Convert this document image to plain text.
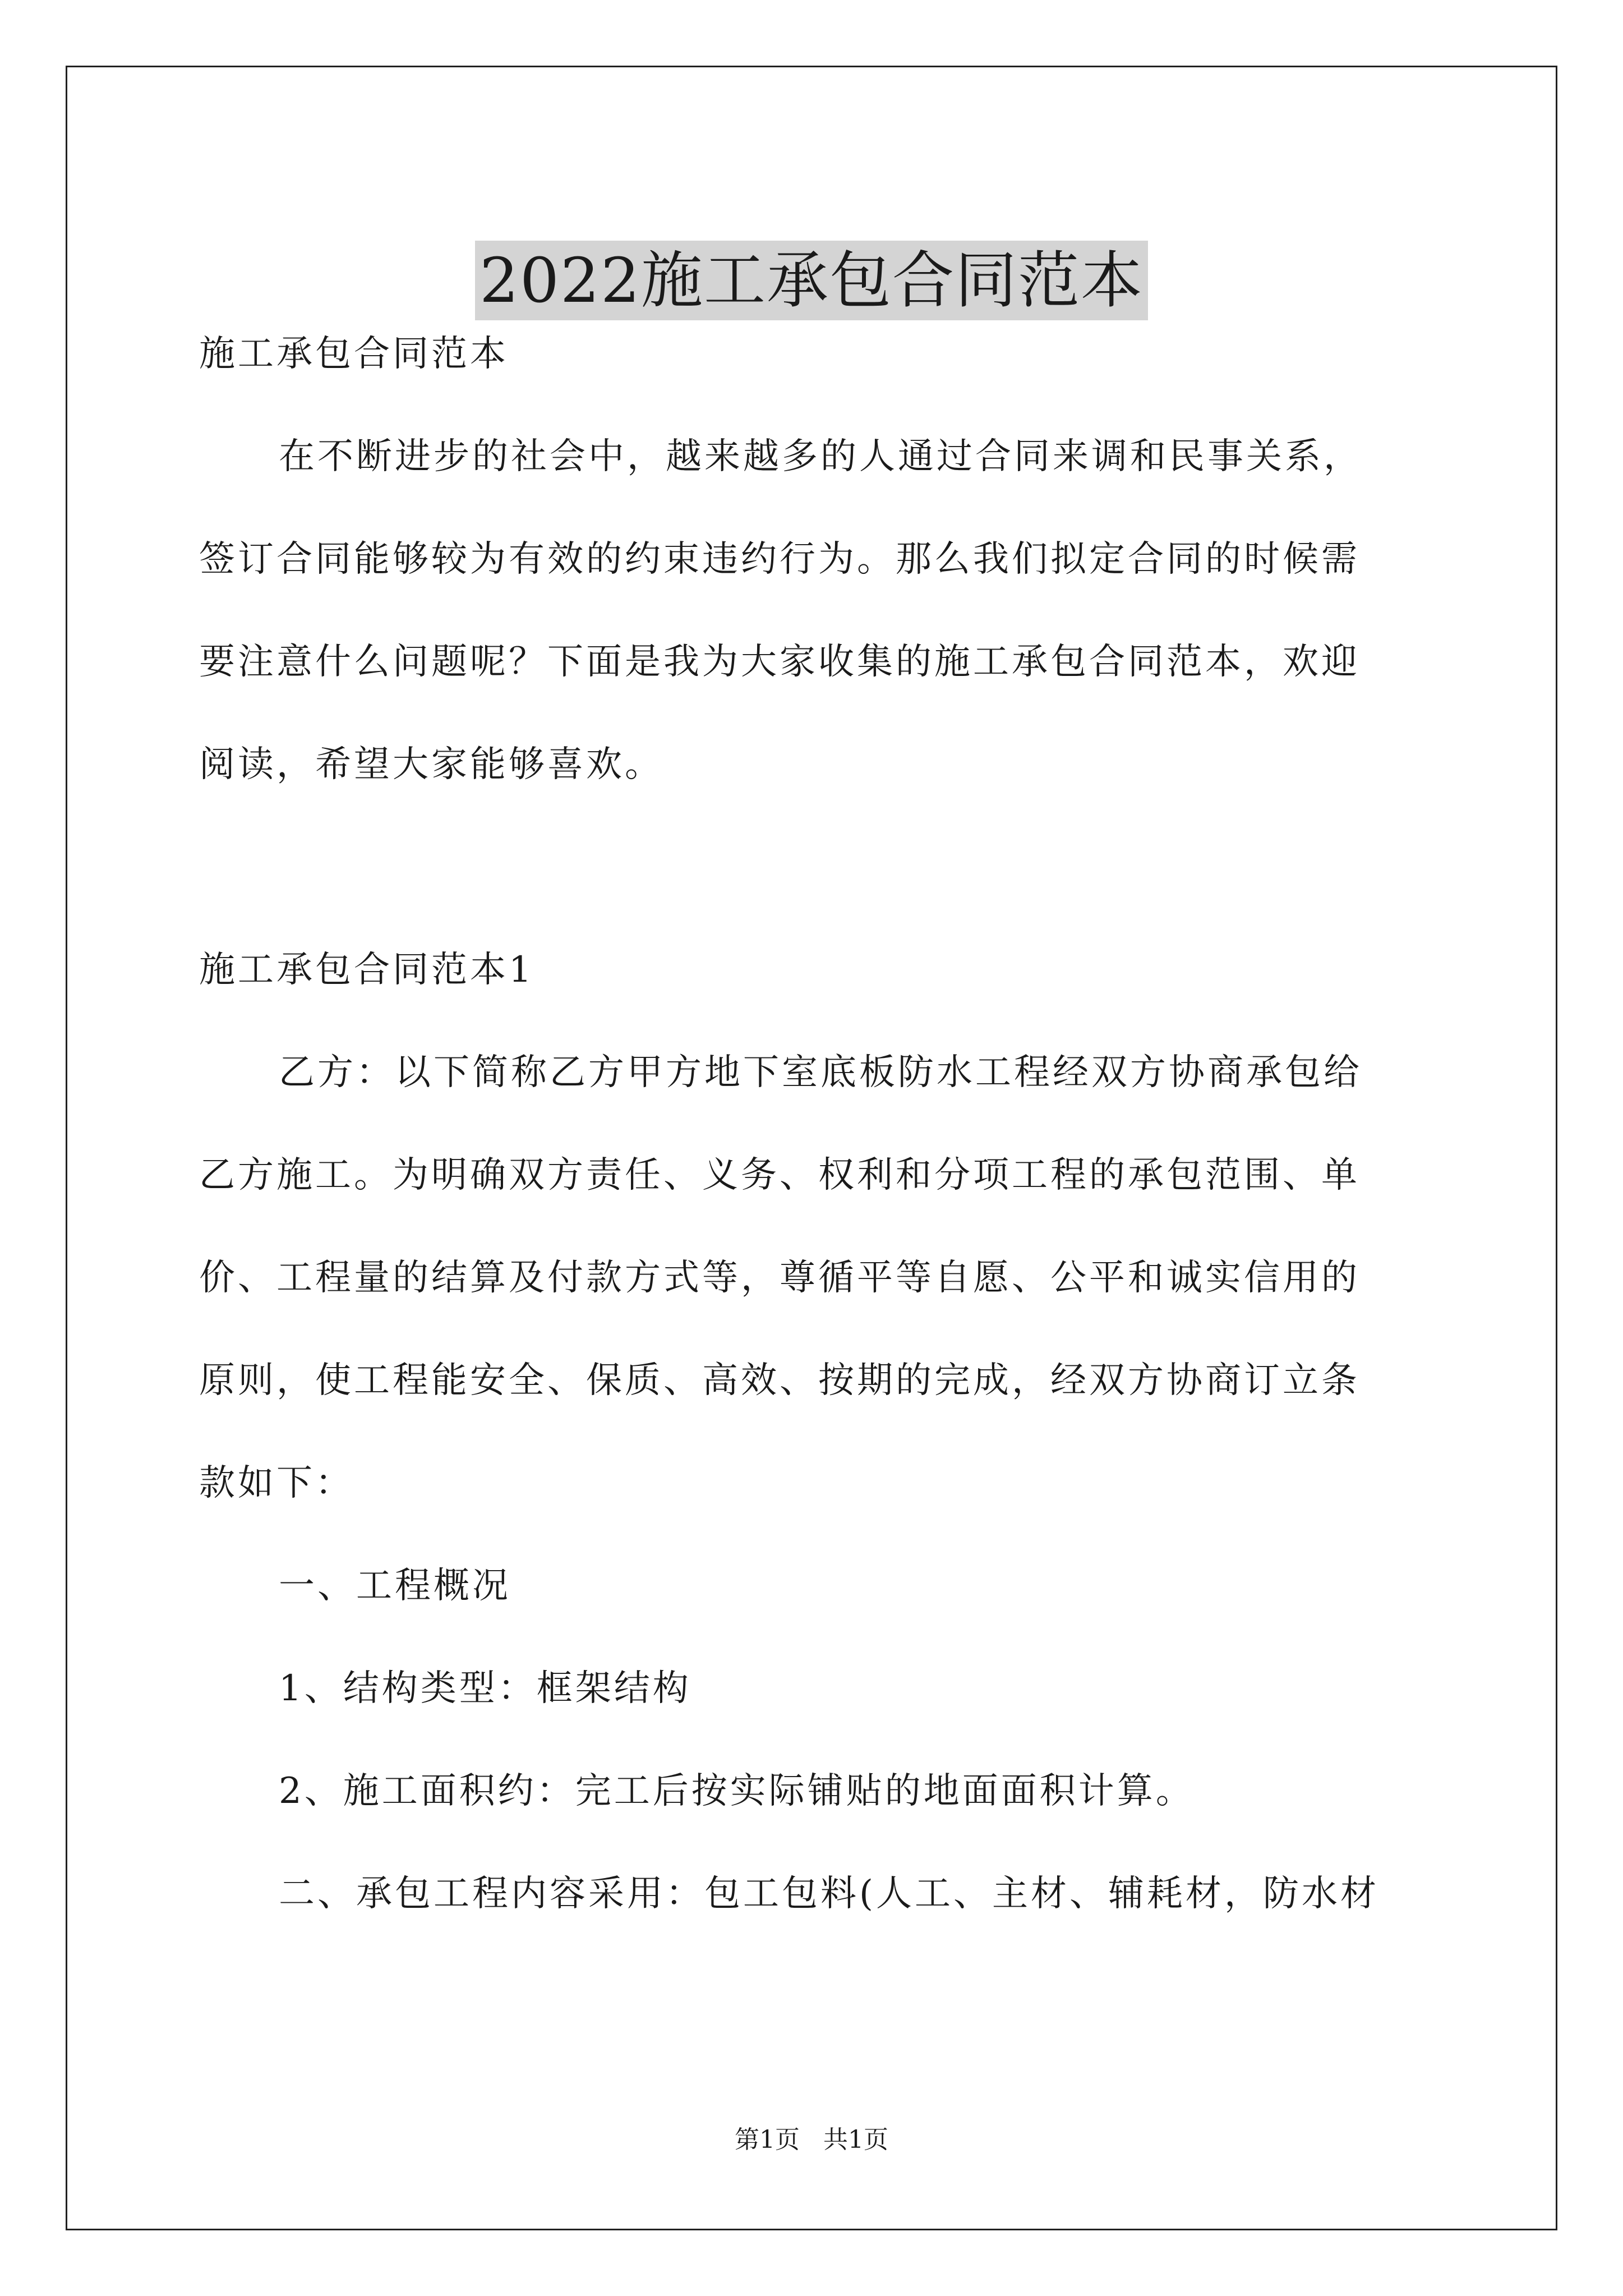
2022施工承包合同范本
施工承包合同范本
在不断进步的社会中，越来越多的人通过合同来调和民事关系，
签订合同能够较为有效的约束违约行为。那么我们拟定合同的时候需
要注意什么问题呢？下面是我为大家收集的施工承包合同范本，欢迎
阅读，希望大家能够喜欢。
施工承包合同范本1
乙方：以下简称乙方甲方地下室底板防水工程经双方协商承包给
乙方施工。为明确双方责任、义务、权利和分项工程的承包范围、单
价、工程量的结算及付款方式等，尊循平等自愿、公平和诚实信用的
原则，使工程能安全、保质、高效、按期的完成，经双方协商订立条
款如下：
一、工程概况
1、结构类型：框架结构
2、施工面积约：完工后按实际铺贴的地面面积计算。
二、承包工程内容采用：包工包料(人工、主材、辅耗材，防水材
第1页   共1页
